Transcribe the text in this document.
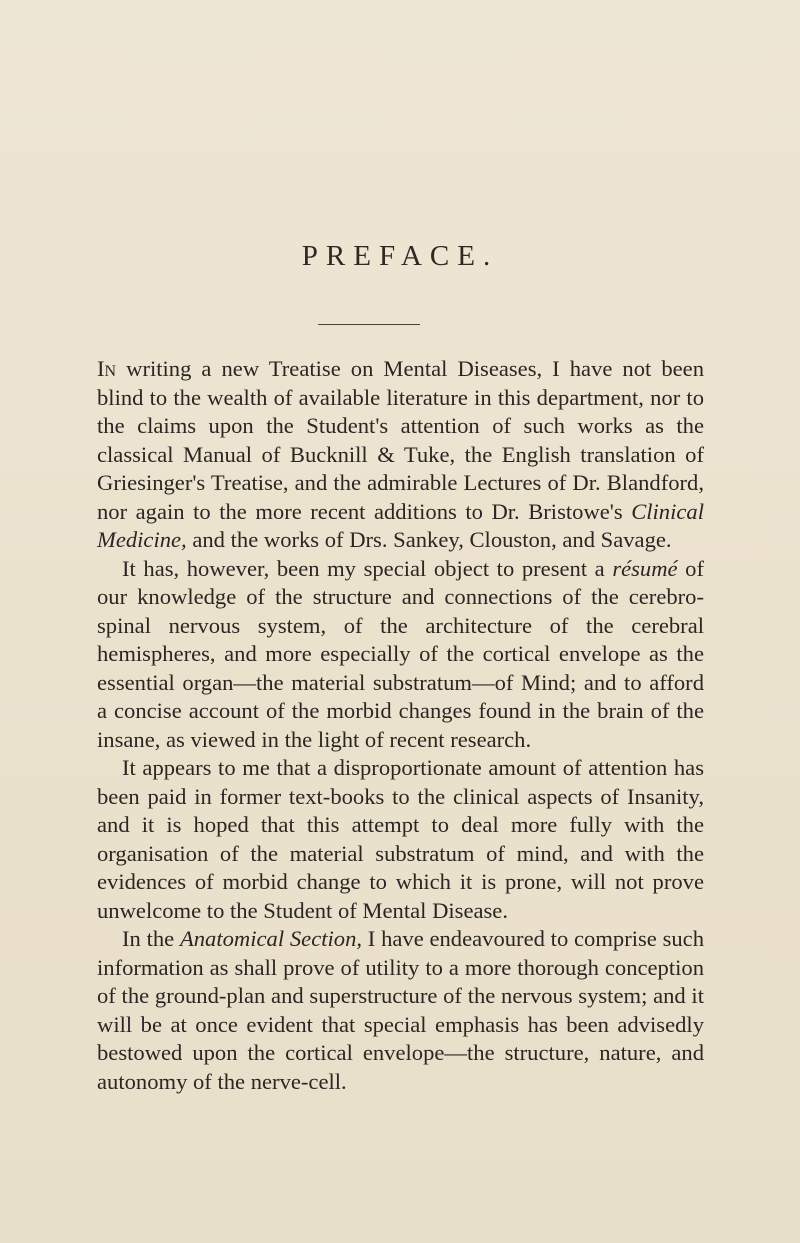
PREFACE.

In writing a new Treatise on Mental Diseases, I have not been blind to the wealth of available literature in this department, nor to the claims upon the Student's attention of such works as the classical Manual of Bucknill & Tuke, the English translation of Griesinger's Treatise, and the admirable Lectures of Dr. Blandford, nor again to the more recent additions to Dr. Bristowe's Clinical Medicine, and the works of Drs. Sankey, Clouston, and Savage.

It has, however, been my special object to present a résumé of our knowledge of the structure and connections of the cerebro-spinal nervous system, of the architecture of the cerebral hemispheres, and more especially of the cortical envelope as the essential organ—the material substratum—of Mind; and to afford a concise account of the morbid changes found in the brain of the insane, as viewed in the light of recent research.

It appears to me that a disproportionate amount of attention has been paid in former text-books to the clinical aspects of Insanity, and it is hoped that this attempt to deal more fully with the organisation of the material substratum of mind, and with the evidences of morbid change to which it is prone, will not prove unwelcome to the Student of Mental Disease.

In the Anatomical Section, I have endeavoured to comprise such information as shall prove of utility to a more thorough conception of the ground-plan and superstructure of the nervous system; and it will be at once evident that special emphasis has been advisedly bestowed upon the cortical envelope—the structure, nature, and autonomy of the nerve-cell.
